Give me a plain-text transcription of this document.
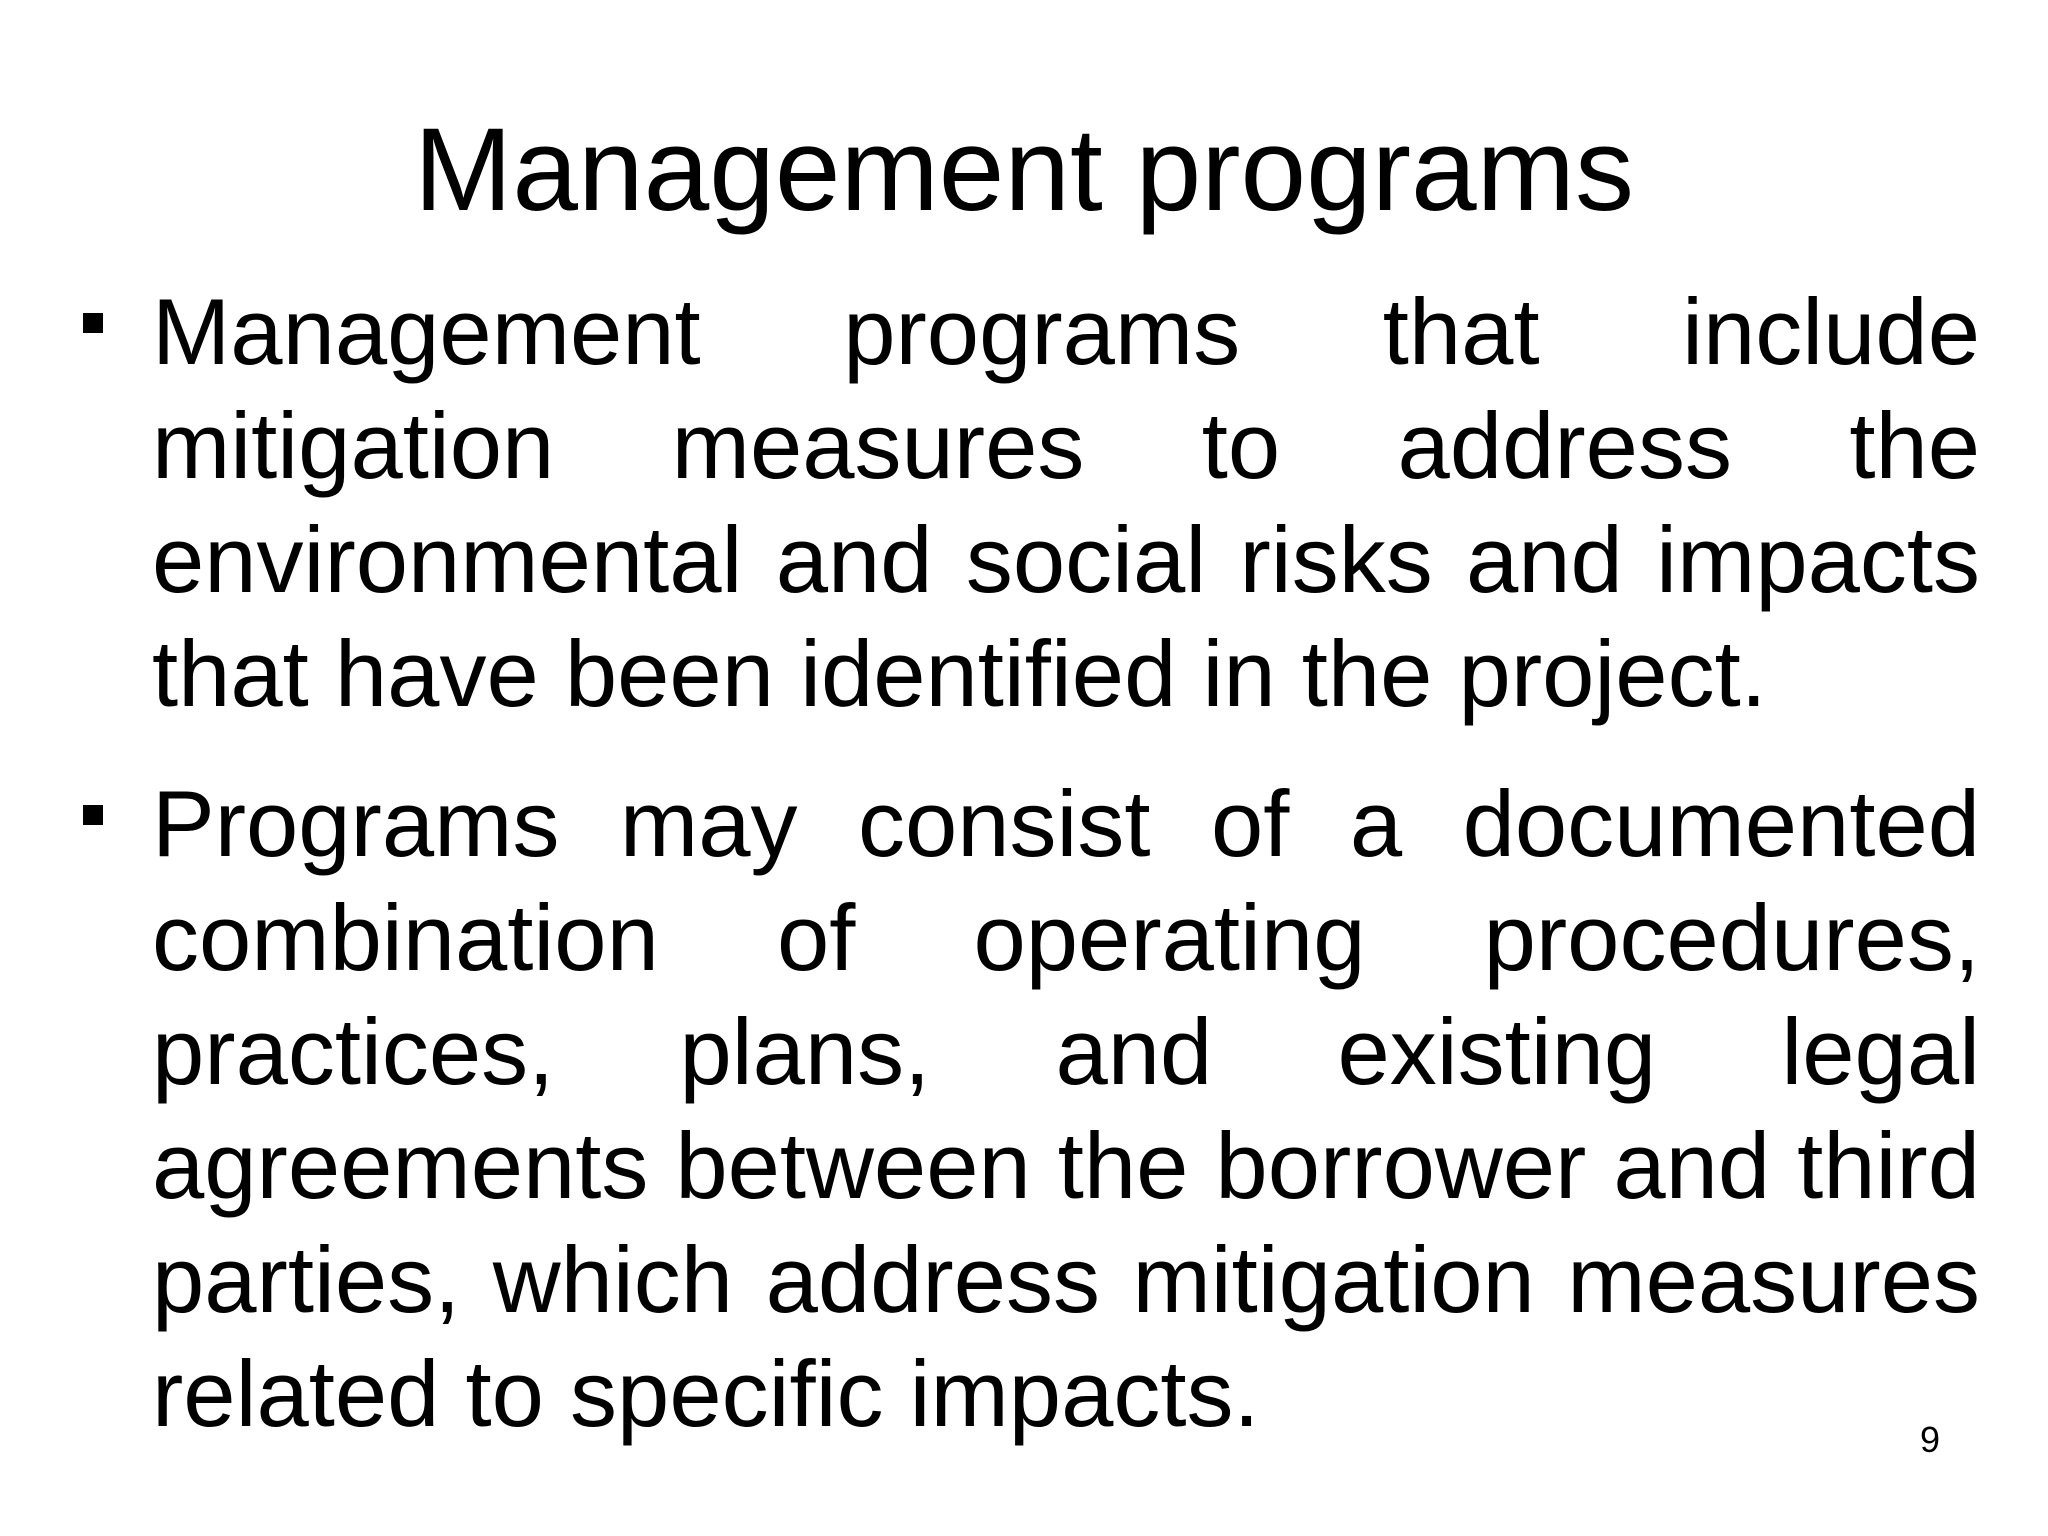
Management programs
Management programs that include mitigation measures to address the environmental and social risks and impacts that have been identified in the project.
Programs may consist of a documented combination of operating procedures, practices, plans, and existing legal agreements between the borrower and third parties, which address mitigation measures related to specific impacts.	9
